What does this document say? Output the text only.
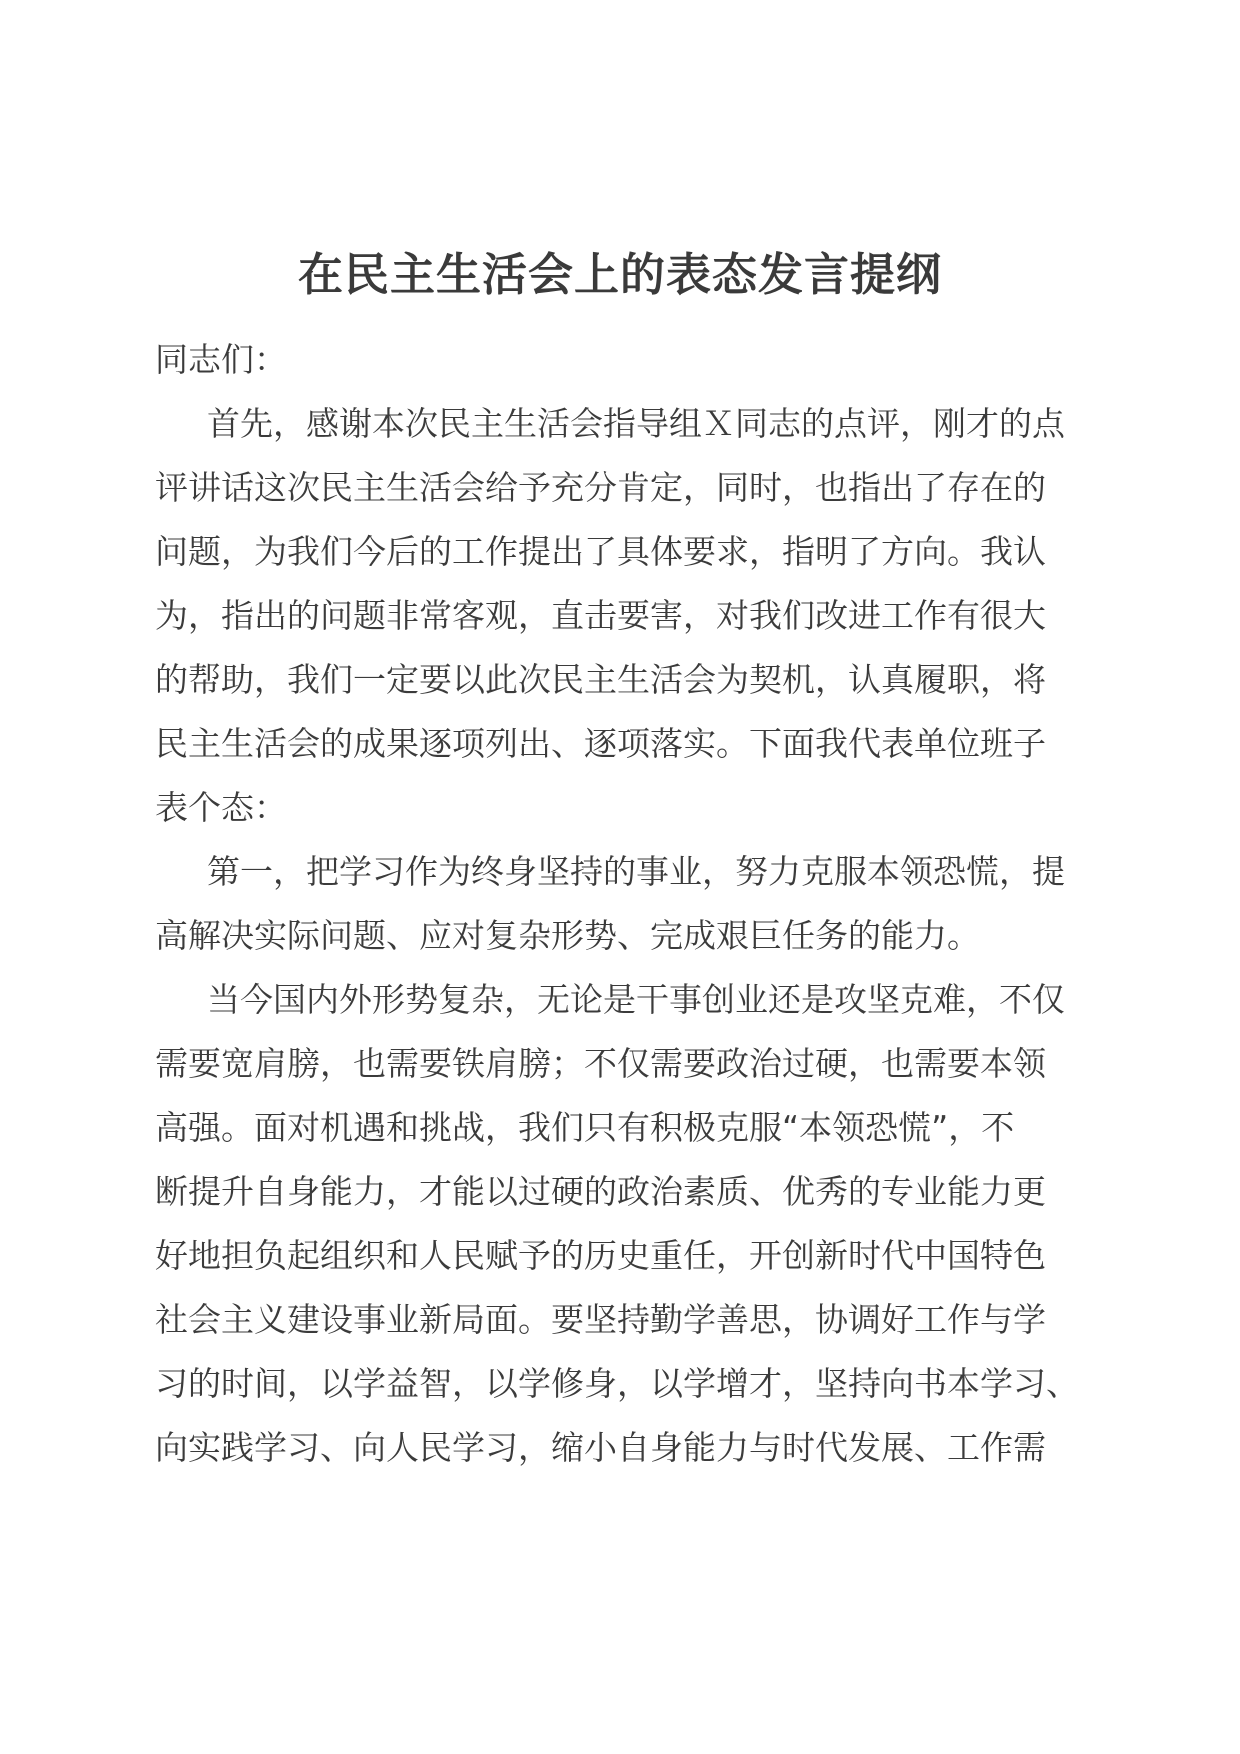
在民主生活会上的表态发言提纲
同志们：
首先，感谢本次民主生活会指导组Ｘ同志的点评，刚才的点
评讲话这次民主生活会给予充分肯定，同时，也指出了存在的
问题，为我们今后的工作提出了具体要求，指明了方向。我认
为，指出的问题非常客观，直击要害，对我们改进工作有很大
的帮助，我们一定要以此次民主生活会为契机，认真履职，将
民主生活会的成果逐项列出、逐项落实。下面我代表单位班子
表个态：
第一，把学习作为终身坚持的事业，努力克服本领恐慌，提
高解决实际问题、应对复杂形势、完成艰巨任务的能力。
当今国内外形势复杂，无论是干事创业还是攻坚克难，不仅
需要宽肩膀，也需要铁肩膀；不仅需要政治过硬，也需要本领
高强。面对机遇和挑战，我们只有积极克服“本领恐慌”，不
断提升自身能力，才能以过硬的政治素质、优秀的专业能力更
好地担负起组织和人民赋予的历史重任，开创新时代中国特色
社会主义建设事业新局面。要坚持勤学善思，协调好工作与学
习的时间，以学益智，以学修身，以学增才，坚持向书本学习、
向实践学习、向人民学习，缩小自身能力与时代发展、工作需
